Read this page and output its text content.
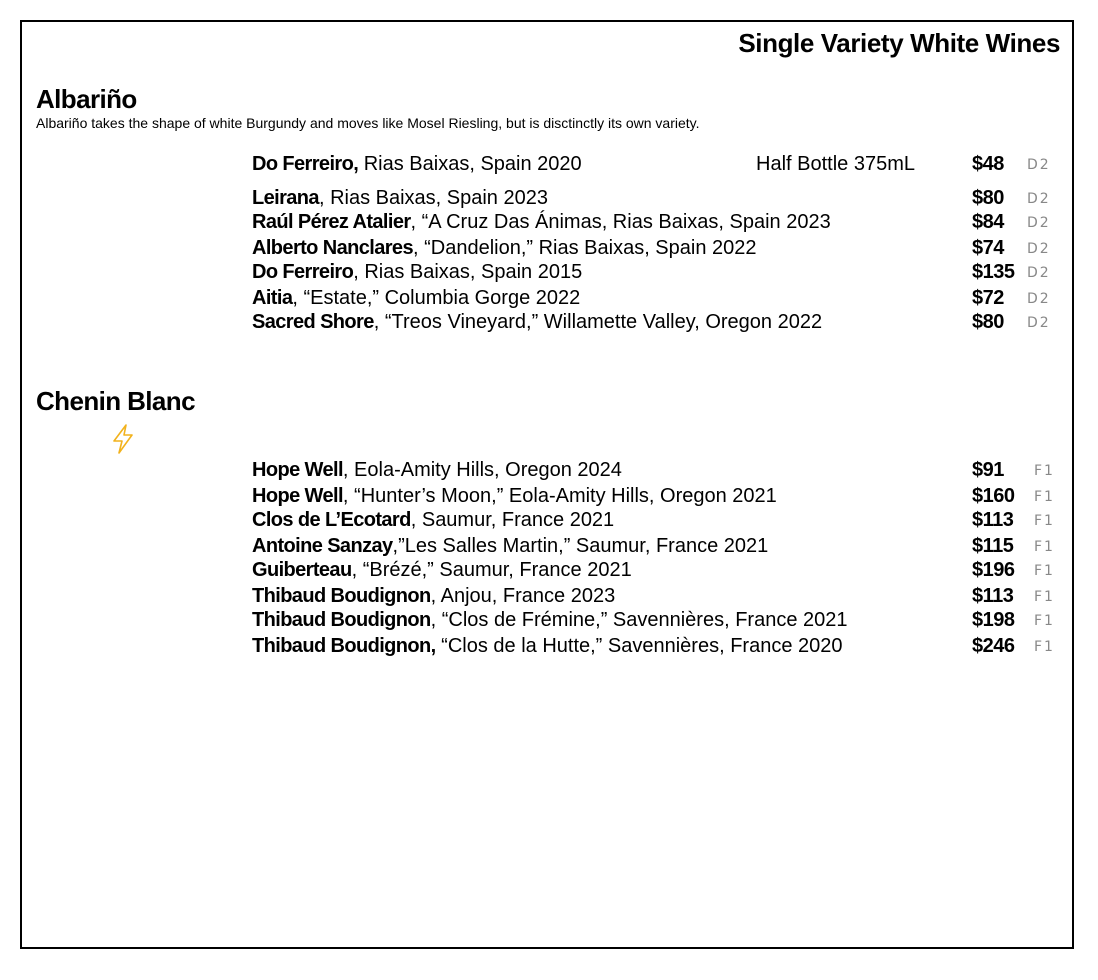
Single Variety White Wines
Albariño
Albariño takes the shape of white Burgundy and moves like Mosel Riesling, but is disctinctly its own variety.
Do Ferreiro, Rias Baixas, Spain 2020	Half Bottle 375mL	$48 D2
Leirana, Rias Baixas, Spain 2023	$80 D2
Raúl Pérez Atalier, “A Cruz Das Ánimas, Rias Baixas, Spain 2023	$84 D2
Alberto Nanclares, “Dandelion,” Rias Baixas, Spain 2022	$74 D2
Do Ferreiro, Rias Baixas, Spain 2015	$135 D2
Aitia, “Estate,” Columbia Gorge 2022	$72 D2
Sacred Shore, “Treos Vineyard,” Willamette Valley, Oregon 2022	$80 D2
Chenin Blanc
Hope Well, Eola-Amity Hills, Oregon 2024	$91 F1
Hope Well, “Hunter’s Moon,” Eola-Amity Hills, Oregon 2021	$160 F1
Clos de L’Ecotard, Saumur, France 2021	$113 F1
Antoine Sanzay,”Les Salles Martin,” Saumur, France 2021	$115 F1
Guiberteau, “Brézé,” Saumur, France 2021	$196 F1
Thibaud Boudignon, Anjou, France 2023	$113 F1
Thibaud Boudignon, “Clos de Frémine,” Savennières, France 2021	$198 F1
Thibaud Boudignon, “Clos de la Hutte,” Savennières, France 2020	$246 F1
